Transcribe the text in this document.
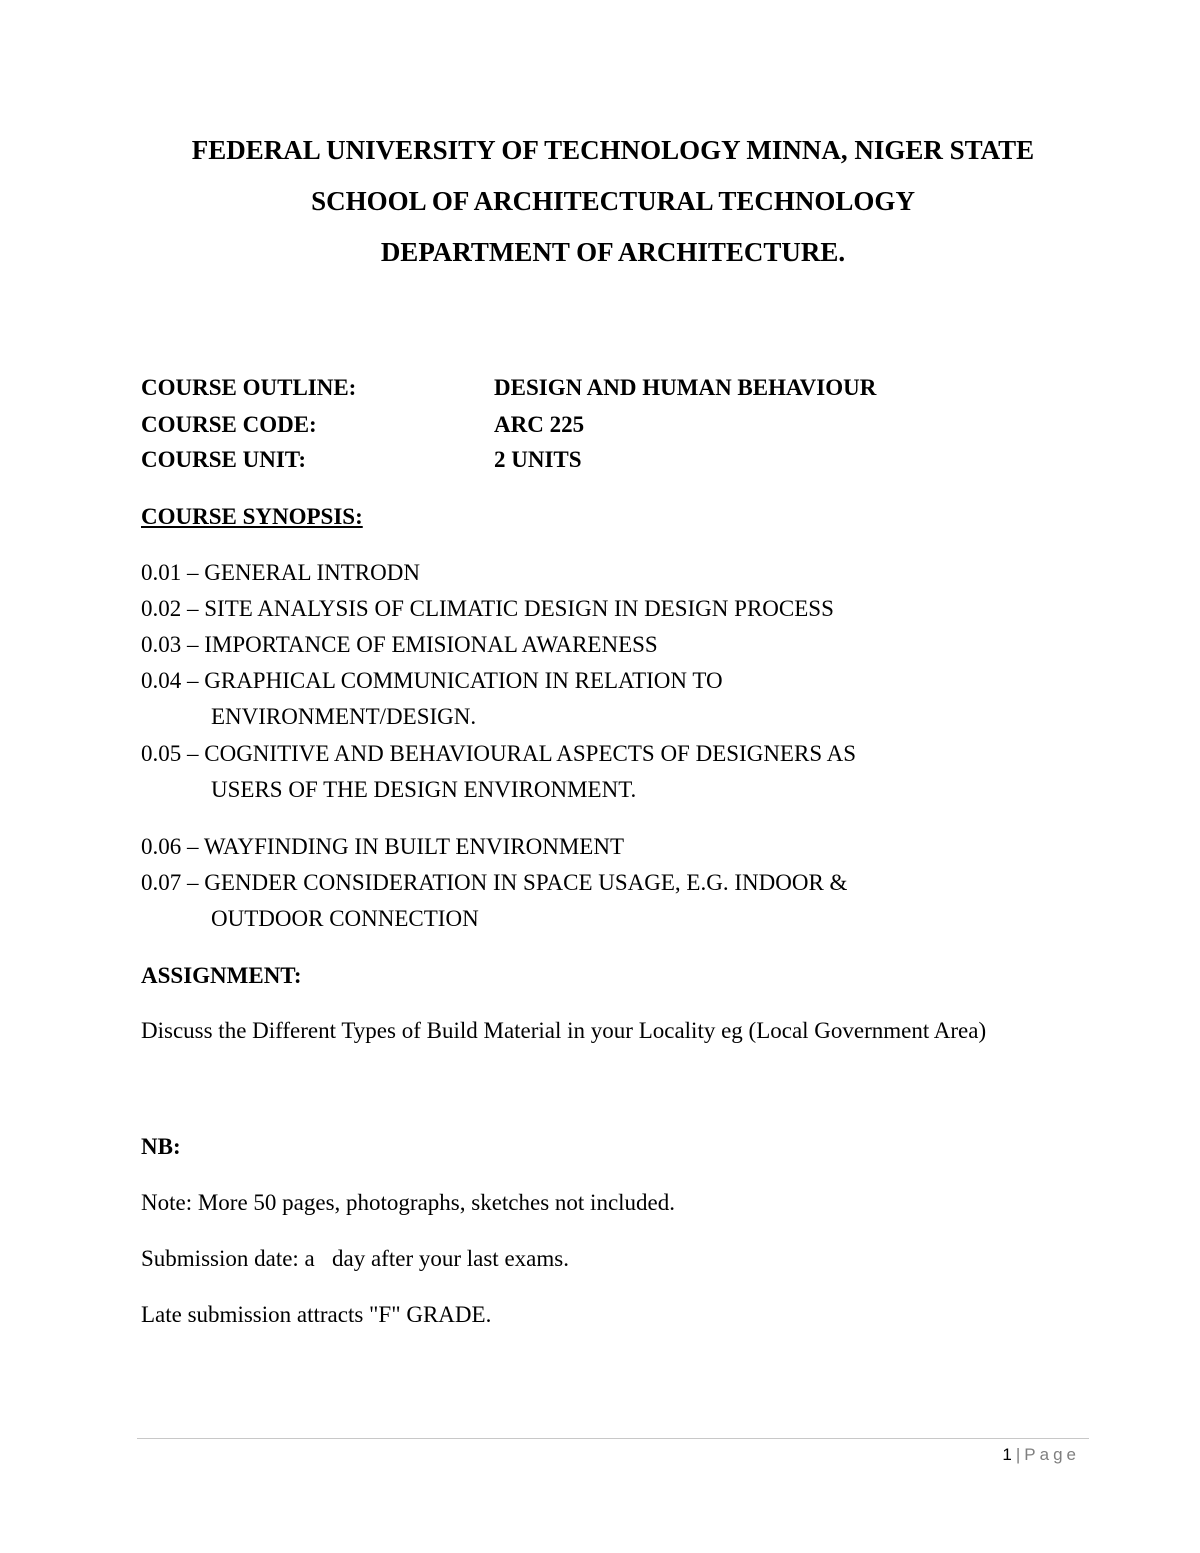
FEDERAL UNIVERSITY OF TECHNOLOGY MINNA, NIGER STATE
SCHOOL OF ARCHITECTURAL TECHNOLOGY
DEPARTMENT OF ARCHITECTURE.
COURSE OUTLINE:	DESIGN AND HUMAN BEHAVIOUR
COURSE CODE:	ARC 225
COURSE UNIT:	2 UNITS
COURSE SYNOPSIS:
0.01 – GENERAL INTRODN
0.02 – SITE ANALYSIS OF CLIMATIC DESIGN IN DESIGN PROCESS
0.03 – IMPORTANCE OF EMISIONAL AWARENESS
0.04 – GRAPHICAL COMMUNICATION IN RELATION TO
ENVIRONMENT/DESIGN.
0.05 – COGNITIVE AND BEHAVIOURAL ASPECTS OF DESIGNERS AS
USERS OF THE DESIGN ENVIRONMENT.
0.06 – WAYFINDING IN BUILT ENVIRONMENT
0.07 – GENDER CONSIDERATION IN SPACE USAGE, E.G. INDOOR &
OUTDOOR CONNECTION
ASSIGNMENT:
Discuss the Different Types of Build Material in your Locality eg (Local Government Area)
NB:
Note: More 50 pages, photographs, sketches not included.
Submission date: a   day after your last exams.
Late submission attracts "F" GRADE.
1 | Page
